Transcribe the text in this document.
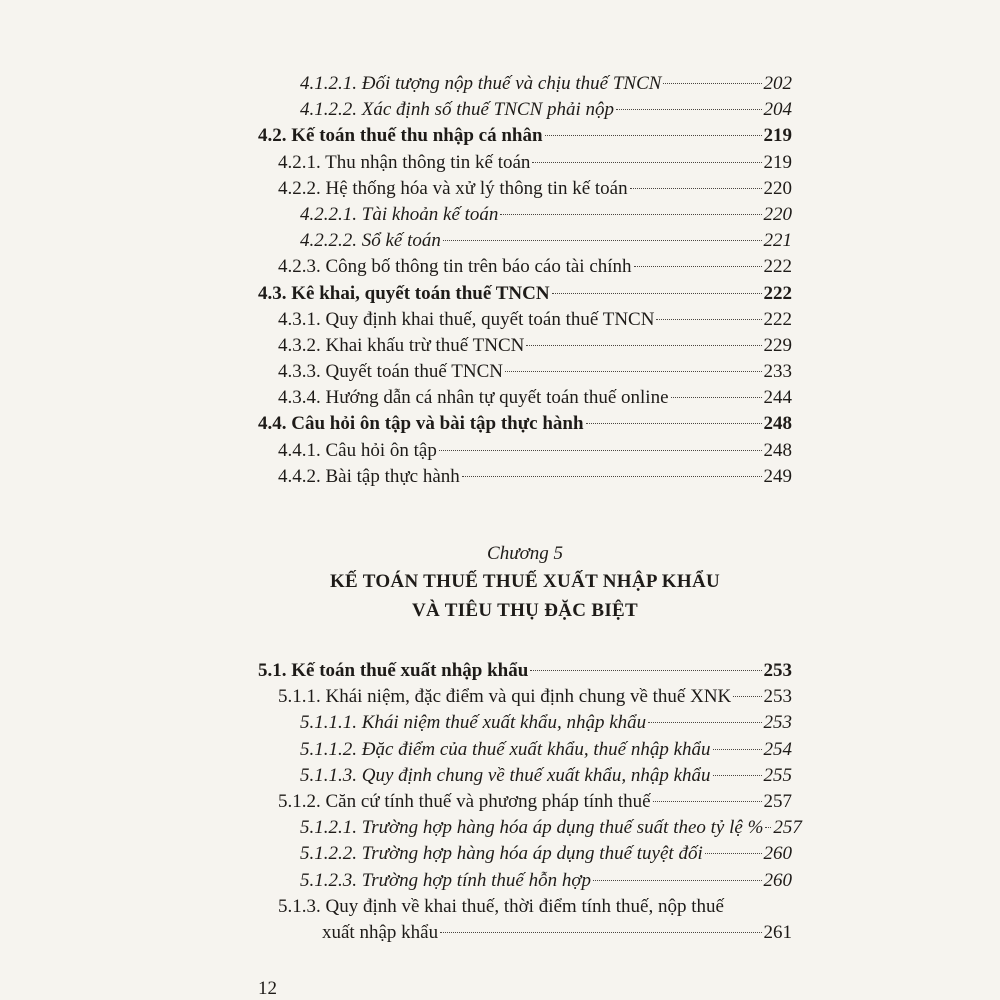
4.1.2.1. Đối tượng nộp thuế và chịu thuế TNCN	202
4.1.2.2. Xác định số thuế TNCN phải nộp	204
4.2. Kế toán thuế thu nhập cá nhân	219
4.2.1. Thu nhận thông tin kế toán	219
4.2.2. Hệ thống hóa và xử lý thông tin kế toán	220
4.2.2.1. Tài khoản kế toán	220
4.2.2.2. Sổ kế toán	221
4.2.3. Công bố thông tin trên báo cáo tài chính	222
4.3. Kê khai, quyết toán thuế TNCN	222
4.3.1. Quy định khai thuế, quyết toán thuế TNCN	222
4.3.2. Khai khấu trừ thuế TNCN	229
4.3.3. Quyết toán thuế TNCN	233
4.3.4. Hướng dẫn cá nhân tự quyết toán thuế online	244
4.4. Câu hỏi ôn tập và bài tập thực hành	248
4.4.1. Câu hỏi ôn tập	248
4.4.2. Bài tập thực hành	249
Chương 5
KẾ TOÁN THUẾ THUẾ XUẤT NHẬP KHẨU
VÀ TIÊU THỤ ĐẶC BIỆT
5.1. Kế toán thuế xuất nhập khẩu	253
5.1.1. Khái niệm, đặc điểm và qui định chung về thuế XNK 253
5.1.1.1. Khái niệm thuế xuất khẩu, nhập khẩu	253
5.1.1.2. Đặc điểm của thuế xuất khẩu, thuế nhập khẩu	254
5.1.1.3. Quy định chung về thuế xuất khẩu, nhập khẩu	255
5.1.2. Căn cứ tính thuế và phương pháp tính thuế	257
5.1.2.1. Trường hợp hàng hóa áp dụng thuế suất theo tỷ lệ % 257
5.1.2.2. Trường hợp hàng hóa áp dụng thuế tuyệt đối	260
5.1.2.3. Trường hợp tính thuế hỗn hợp	260
5.1.3. Quy định về khai thuế, thời điểm tính thuế, nộp thuế
xuất nhập khẩu	261
12
